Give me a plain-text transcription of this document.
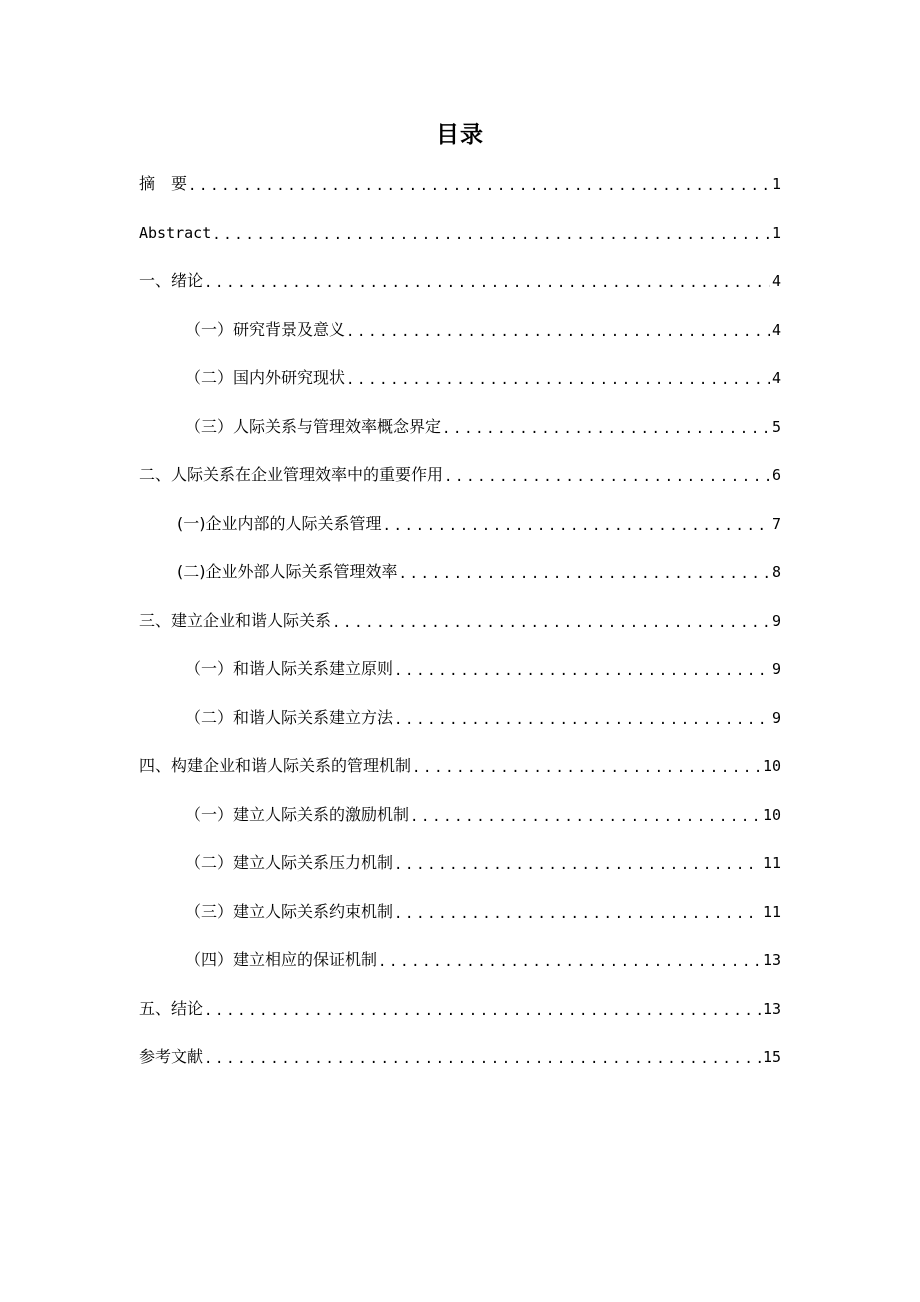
目录
摘　要 .....	1
Abstract .....	1
一、绪论 .....	4
（一）研究背景及意义 .....	4
（二）国内外研究现状 .....	4
（三）人际关系与管理效率概念界定 .....	5
二、人际关系在企业管理效率中的重要作用 .....	6
(一)企业内部的人际关系管理 .....	7
(二)企业外部人际关系管理效率 .....	8
三、建立企业和谐人际关系 .....	9
（一）和谐人际关系建立原则 .....	9
（二）和谐人际关系建立方法 .....	9
四、构建企业和谐人际关系的管理机制 .....	10
（一）建立人际关系的激励机制 .....	10
（二）建立人际关系压力机制 .....	11
（三）建立人际关系约束机制 .....	11
（四）建立相应的保证机制 .....	13
五、结论 .....	13
参考文献 .....	15
